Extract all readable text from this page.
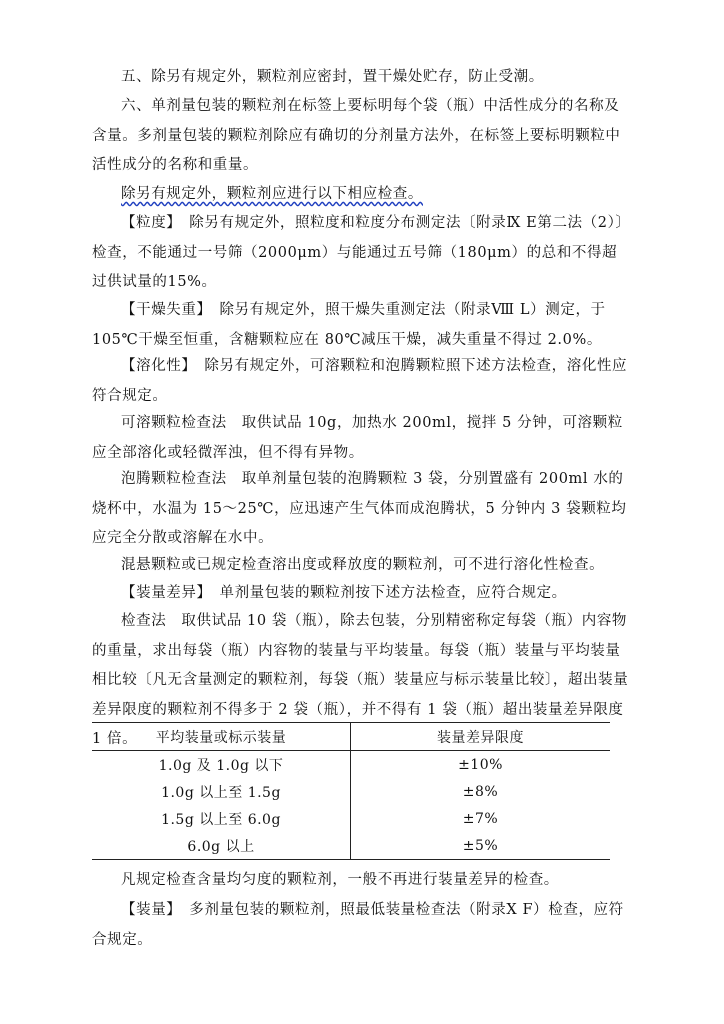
五、除另有规定外，颗粒剂应密封，置干燥处贮存，防止受潮。

六、单剂量包装的颗粒剂在标签上要标明每个袋（瓶）中活性成分的名称及含量。多剂量包装的颗粒剂除应有确切的分剂量方法外，在标签上要标明颗粒中活性成分的名称和重量。

除另有规定外，颗粒剂应进行以下相应检查。

【粒度】　 除另有规定外，照粒度和粒度分布测定法〔附录Ⅸ E第二法（2）〕检查，不能通过一号筛（2000μm）与能通过五号筛（180μm）的总和不得超过供试量的15%。

【干燥失重】　 除另有规定外，照干燥失重测定法（附录Ⅷ L）测定，于 105℃干燥至恒重，含糖颗粒应在 80℃减压干燥，减失重量不得过 2.0%。

【溶化性】　 除另有规定外，可溶颗粒和泡腾颗粒照下述方法检查，溶化性应符合规定。

可溶颗粒检查法　取供试品 10g，加热水 200ml，搅拌 5 分钟，可溶颗粒应全部溶化或轻微浑浊，但不得有异物。

泡腾颗粒检查法　取单剂量包装的泡腾颗粒 3 袋，分别置盛有 200ml 水的烧杯中，水温为 15～25℃，应迅速产生气体而成泡腾状，5 分钟内 3 袋颗粒均应完全分散或溶解在水中。

混悬颗粒或已规定检查溶出度或释放度的颗粒剂，可不进行溶化性检查。

【装量差异】　 单剂量包装的颗粒剂按下述方法检查，应符合规定。

检查法　取供试品 10 袋（瓶），除去包装，分别精密称定每袋（瓶）内容物的重量，求出每袋（瓶）内容物的装量与平均装量。每袋（瓶）装量与平均装量相比较〔凡无含量测定的颗粒剂，每袋（瓶）装量应与标示装量比较〕，超出装量差异限度的颗粒剂不得多于 2 袋（瓶），并不得有 1 袋（瓶）超出装量差异限度 1 倍。	平均装量或标示装量	装量差异限度
1.0g 及 1.0g 以下	±10%
1.0g 以上至 1.5g	±8%
1.5g 以上至 6.0g	±7%
6.0g 以上	±5%

凡规定检查含量均匀度的颗粒剂，一般不再进行装量差异的检查。

【装量】　 多剂量包装的颗粒剂，照最低装量检查法（附录Ⅹ F）检查，应符合规定。
